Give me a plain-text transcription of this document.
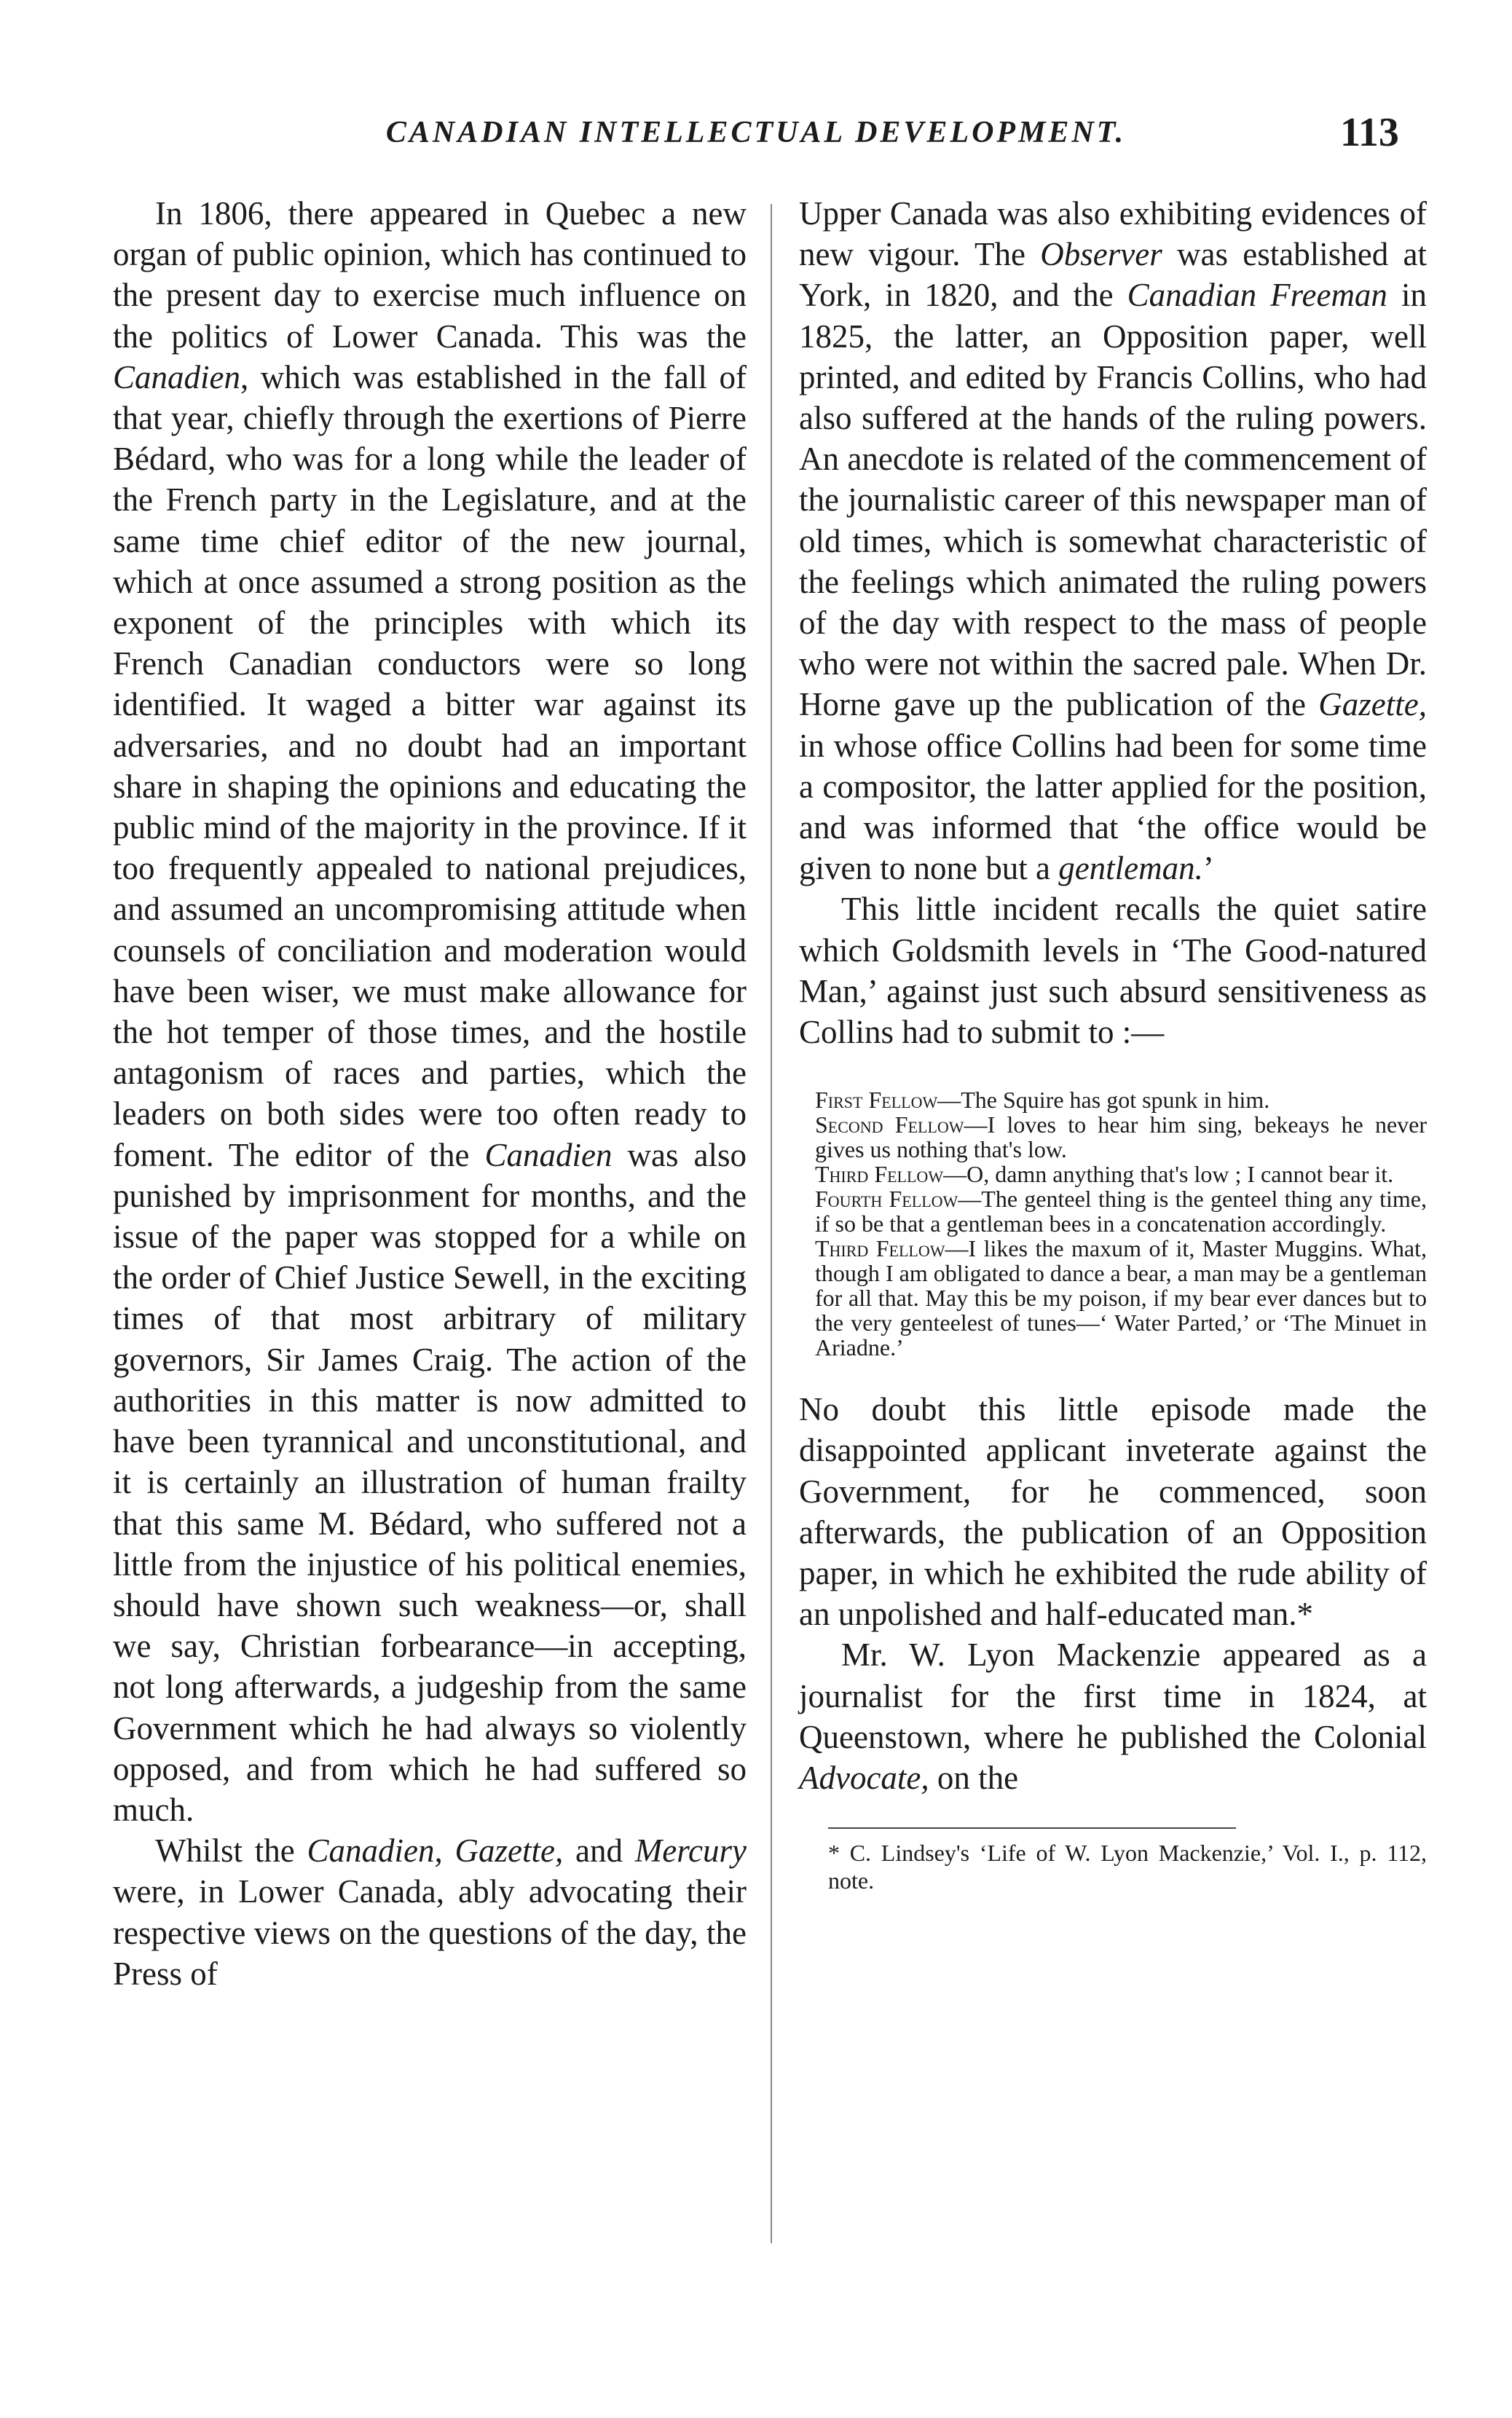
CANADIAN INTELLECTUAL DEVELOPMENT.	113

In 1806, there appeared in Quebec a new organ of public opinion, which has continued to the present day to exercise much influence on the politics of Lower Canada. This was the Canadien, which was established in the fall of that year, chiefly through the exertions of Pierre Bédard, who was for a long while the leader of the French party in the Legislature, and at the same time chief editor of the new journal, which at once assumed a strong position as the exponent of the principles with which its French Canadian conductors were so long identified. It waged a bitter war against its adversaries, and no doubt had an important share in shaping the opinions and educating the public mind of the majority in the province. If it too frequently appealed to national prejudices, and assumed an uncompromising attitude when counsels of conciliation and moderation would have been wiser, we must make allowance for the hot temper of those times, and the hostile antagonism of races and parties, which the leaders on both sides were too often ready to foment. The editor of the Canadien was also punished by imprisonment for months, and the issue of the paper was stopped for a while on the order of Chief Justice Sewell, in the exciting times of that most arbitrary of military governors, Sir James Craig. The action of the authorities in this matter is now admitted to have been tyrannical and unconstitutional, and it is certainly an illustration of human frailty that this same M. Bédard, who suffered not a little from the injustice of his political enemies, should have shown such weakness—or, shall we say, Christian forbearance—in accepting, not long afterwards, a judgeship from the same Government which he had always so violently opposed, and from which he had suffered so much.

Whilst the Canadien, Gazette, and Mercury were, in Lower Canada, ably advocating their respective views on the questions of the day, the Press of

Upper Canada was also exhibiting evidences of new vigour. The Observer was established at York, in 1820, and the Canadian Freeman in 1825, the latter, an Opposition paper, well printed, and edited by Francis Collins, who had also suffered at the hands of the ruling powers. An anecdote is related of the commencement of the journalistic career of this newspaper man of old times, which is somewhat characteristic of the feelings which animated the ruling powers of the day with respect to the mass of people who were not within the sacred pale. When Dr. Horne gave up the publication of the Gazette, in whose office Collins had been for some time a compositor, the latter applied for the position, and was informed that ‘the office would be given to none but a gentleman.’

This little incident recalls the quiet satire which Goldsmith levels in ‘The Good-natured Man,’ against just such absurd sensitiveness as Collins had to submit to :—

First Fellow—The Squire has got spunk in him.

Second Fellow—I loves to hear him sing, bekeays he never gives us nothing that's low.

Third Fellow—O, damn anything that's low ; I cannot bear it.

Fourth Fellow—The genteel thing is the genteel thing any time, if so be that a gentleman bees in a concatenation accordingly.

Third Fellow—I likes the maxum of it, Master Muggins. What, though I am obligated to dance a bear, a man may be a gentleman for all that. May this be my poison, if my bear ever dances but to the very genteelest of tunes—‘ Water Parted,’ or ‘The Minuet in Ariadne.’

No doubt this little episode made the disappointed applicant inveterate against the Government, for he commenced, soon afterwards, the publication of an Opposition paper, in which he exhibited the rude ability of an unpolished and half-educated man.*

Mr. W. Lyon Mackenzie appeared as a journalist for the first time in 1824, at Queenstown, where he published the Colonial Advocate, on the

* C. Lindsey's ‘Life of W. Lyon Mackenzie,’ Vol. I., p. 112, note.
